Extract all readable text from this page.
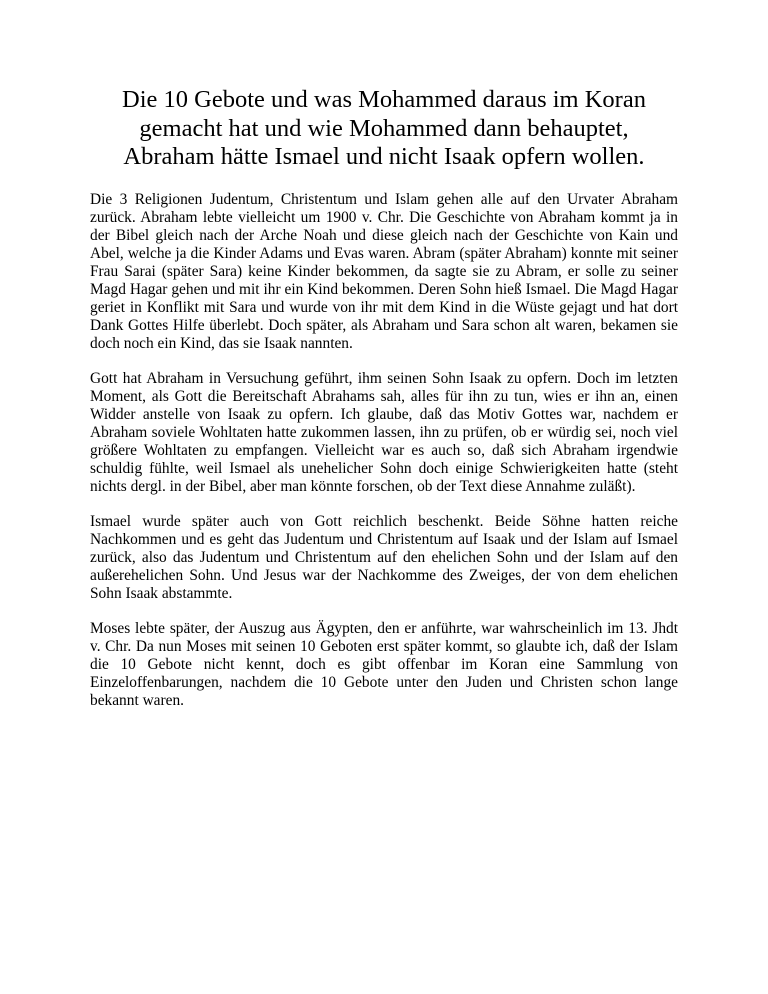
Die 10 Gebote und was Mohammed daraus im Koran
gemacht hat und wie Mohammed dann behauptet,
Abraham hätte Ismael und nicht Isaak opfern wollen.

Die 3 Religionen Judentum, Christentum und Islam gehen alle auf den Urvater Abraham zurück. Abraham lebte vielleicht um 1900 v. Chr. Die Geschichte von Abraham kommt ja in der Bibel gleich nach der Arche Noah und diese gleich nach der Geschichte von Kain und Abel, welche ja die Kinder Adams und Evas waren. Abram (später Abraham) konnte mit seiner Frau Sarai (später Sara) keine Kinder bekommen, da sagte sie zu Abram, er solle zu seiner Magd Hagar gehen und mit ihr ein Kind bekommen. Deren Sohn hieß Ismael. Die Magd Hagar geriet in Konflikt mit Sara und wurde von ihr mit dem Kind in die Wüste gejagt und hat dort Dank Gottes Hilfe überlebt. Doch später, als Abraham und Sara schon alt waren, bekamen sie doch noch ein Kind, das sie Isaak nannten.

Gott hat Abraham in Versuchung geführt, ihm seinen Sohn Isaak zu opfern. Doch im letzten Moment, als Gott die Bereitschaft Abrahams sah, alles für ihn zu tun, wies er ihn an, einen Widder anstelle von Isaak zu opfern. Ich glaube, daß das Motiv Gottes war, nachdem er Abraham soviele Wohltaten hatte zukommen lassen, ihn zu prüfen, ob er würdig sei, noch viel größere Wohltaten zu empfangen. Vielleicht war es auch so, daß sich Abraham irgendwie schuldig fühlte, weil Ismael als unehelicher Sohn doch einige Schwierigkeiten hatte (steht nichts dergl. in der Bibel, aber man könnte forschen, ob der Text diese Annahme zuläßt).

Ismael wurde später auch von Gott reichlich beschenkt. Beide Söhne hatten reiche Nachkommen und es geht das Judentum und Christentum auf Isaak und der Islam auf Ismael zurück, also das Judentum und Christentum auf den ehelichen Sohn und der Islam auf den außerehelichen Sohn. Und Jesus war der Nachkomme des Zweiges, der von dem ehelichen Sohn Isaak abstammte.

Moses lebte später, der Auszug aus Ägypten, den er anführte, war wahrscheinlich im 13. Jhdt v. Chr. Da nun Moses mit seinen 10 Geboten erst später kommt, so glaubte ich, daß der Islam die 10 Gebote nicht kennt, doch es gibt offenbar im Koran eine Sammlung von Einzeloffenbarungen, nachdem die 10 Gebote unter den Juden und Christen schon lange bekannt waren.
